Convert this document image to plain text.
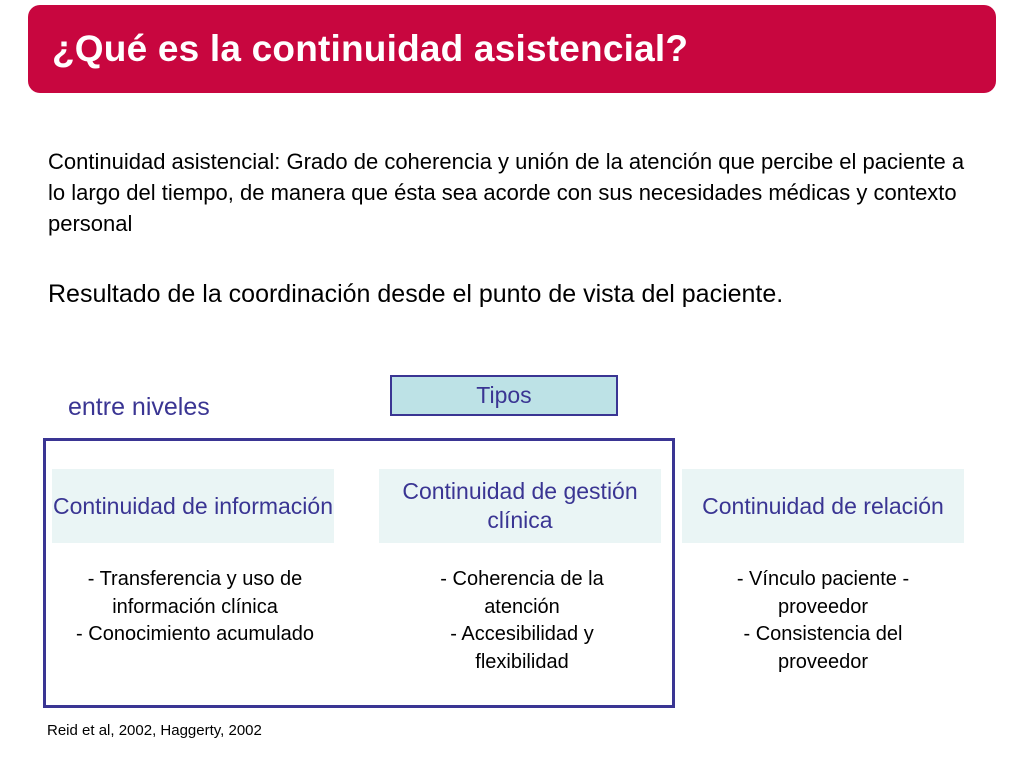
¿Qué es la continuidad asistencial?
Continuidad asistencial: Grado de coherencia y unión de la atención que percibe el paciente a lo largo del tiempo, de manera que ésta sea acorde con sus necesidades médicas y contexto personal
Resultado de la coordinación desde el punto de vista del paciente.
entre niveles	Tipos
Continuidad de información
Continuidad de gestión clínica
Continuidad de relación
- Transferencia y uso de
información clínica
- Conocimiento acumulado
- Coherencia de la
atención
- Accesibilidad y
flexibilidad
- Vínculo paciente -
proveedor
- Consistencia del
proveedor
Reid et al, 2002, Haggerty, 2002
